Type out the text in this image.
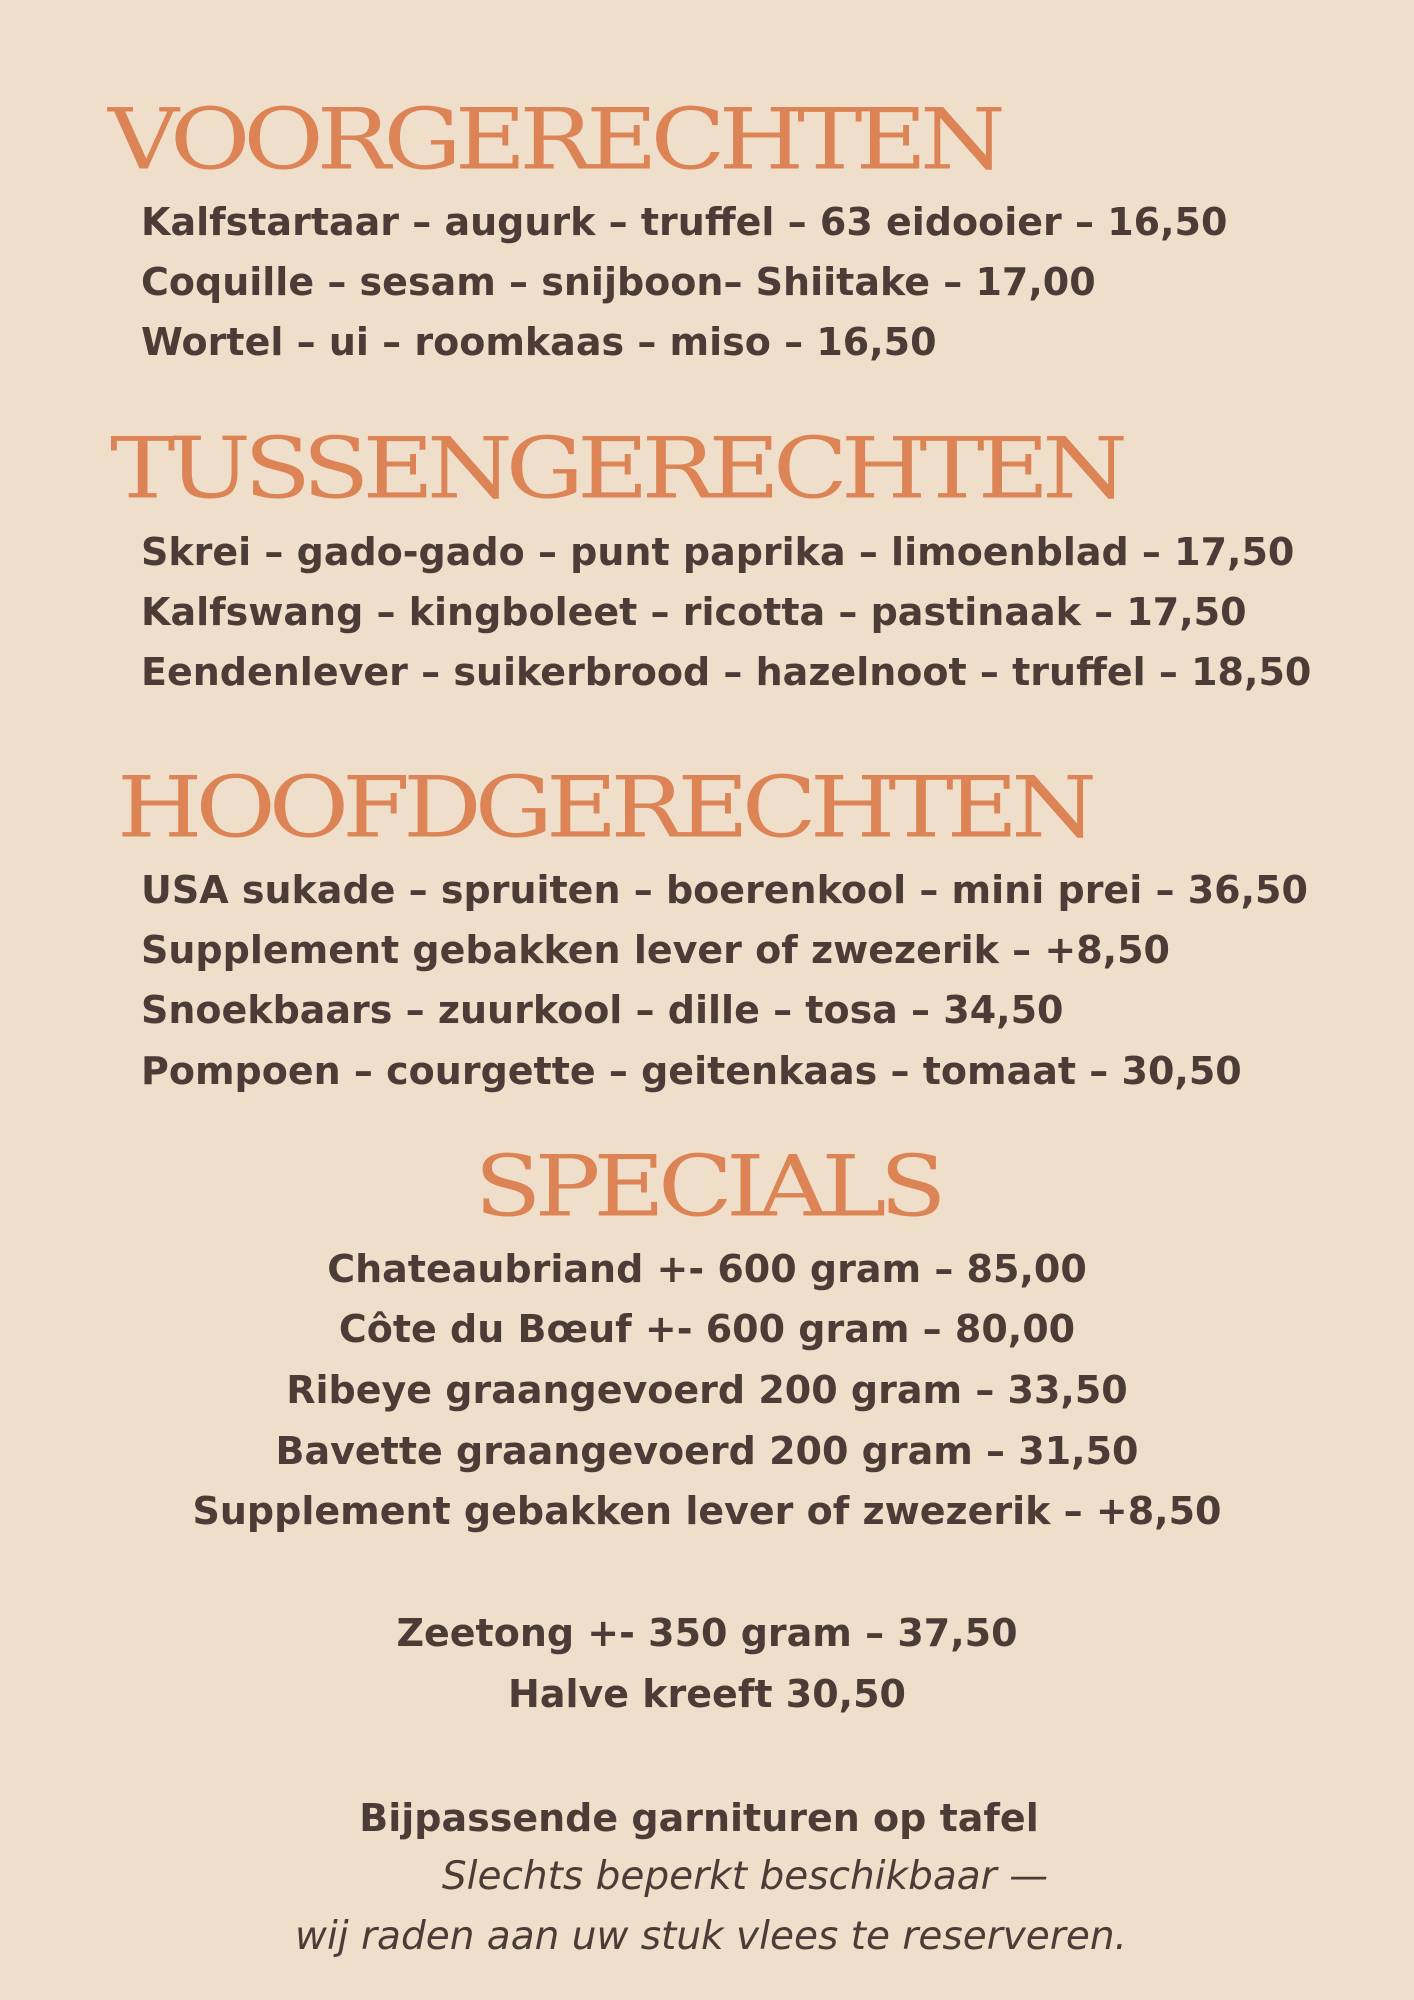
VOORGERECHTEN

Kalfstartaar – augurk – truffel – 63 eidooier – 16,50

Coquille – sesam – snijboon– Shiitake – 17,00

Wortel – ui – roomkaas – miso – 16,50

TUSSENGERECHTEN

Skrei – gado-gado – punt paprika – limoenblad – 17,50

Kalfswang – kingboleet – ricotta – pastinaak – 17,50

Eendenlever – suikerbrood – hazelnoot – truffel – 18,50

HOOFDGERECHTEN

USA sukade – spruiten – boerenkool – mini prei – 36,50

Supplement gebakken lever of zwezerik – +8,50

Snoekbaars – zuurkool – dille – tosa – 34,50

Pompoen – courgette – geitenkaas – tomaat – 30,50

SPECIALS

Chateaubriand +- 600 gram – 85,00

Côte du Bœuf +- 600 gram – 80,00

Ribeye graangevoerd 200 gram – 33,50

Bavette graangevoerd 200 gram – 31,50

Supplement gebakken lever of zwezerik – +8,50

Zeetong +- 350 gram – 37,50

Halve kreeft 30,50

Bijpassende garnituren op tafel

Slechts beperkt beschikbaar —

wij raden aan uw stuk vlees te reserveren.
